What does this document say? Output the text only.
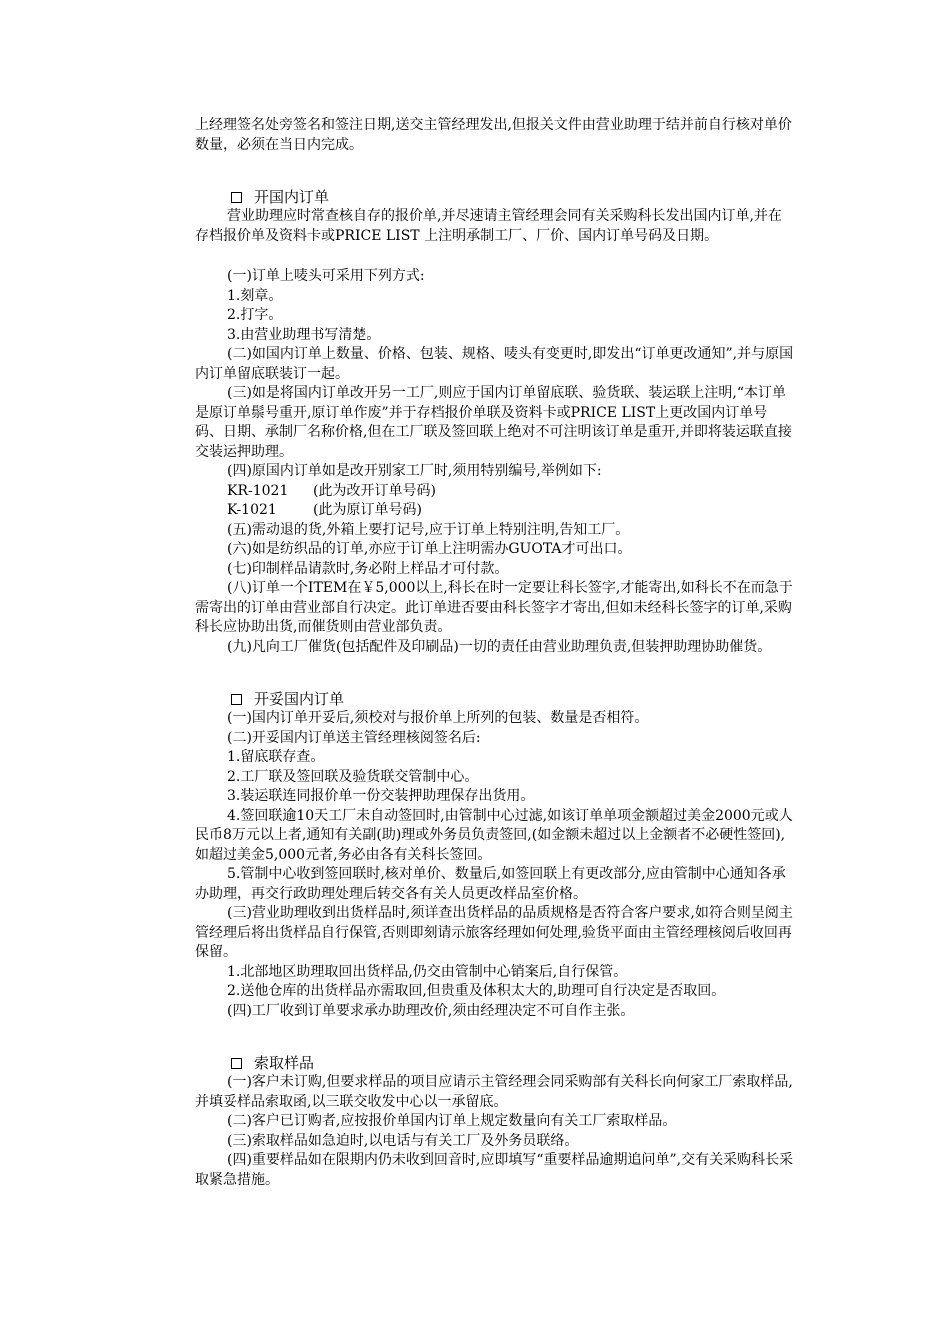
上经理签名处旁签名和签注日期,送交主管经理发出,但报关文件由营业助理于结并前自行核对单价数量，必须在当日内完成。

开国内订单

营业助理应时常查核自存的报价单,并尽速请主管经理会同有关采购科长发出国内订单,并在存档报价单及资料卡或PRICE LIST 上注明承制工厂、厂价、国内订单号码及日期。

(一)订单上唛头可采用下列方式:

1.刻章。

2.打字。

3.由营业助理书写清楚。

(二)如国内订单上数量、价格、包装、规格、唛头有变更时,即发出“订单更改通知”,并与原国内订单留底联装订一起。

(三)如是将国内订单改开另一工厂,则应于国内订单留底联、验货联、装运联上注明,“本订单是原订单鬃号重开,原订单作废”并于存档报价单联及资料卡或PRICE LIST上更改国内订单号码、日期、承制厂名称价格,但在工厂联及签回联上绝对不可注明该订单是重开,并即将装运联直接交装运押助理。

(四)原国内订单如是改开别家工厂时,须用特别编号,举例如下:

KR-1021	(此为改开订单号码)
K-1021	(此为原订单号码)

(五)需动退的货,外箱上要打记号,应于订单上特别注明,告知工厂。

(六)如是纺织品的订单,亦应于订单上注明需办GUOTA才可出口。

(七)印制样品请款时,务必附上样品才可付款。

(八)订单一个ITEM在￥5,000以上,科长在时一定要让科长签字,才能寄出,如科长不在而急于需寄出的订单由营业部自行决定。此订单进否要由科长签字才寄出,但如未经科长签字的订单,采购科长应协助出货,而催货则由营业部负责。

(九)凡向工厂催货(包括配件及印刷品)一切的责任由营业助理负责,但装押助理协助催货。

开妥国内订单

(一)国内订单开妥后,须校对与报价单上所列的包装、数量是否相符。

(二)开妥国内订单送主管经理核阅签名后:

1.留底联存查。

2.工厂联及签回联及验货联交管制中心。

3.装运联连同报价单一份交装押助理保存出货用。

4.签回联逾10天工厂未自动签回时,由管制中心过滤,如该订单单项金额超过美金2000元或人民币8万元以上者,通知有关副(助)理或外务员负责签回,(如金额未超过以上金额者不必硬性签回),如超过美金5,000元者,务必由各有关科长签回。

5.管制中心收到签回联时,核对单价、数量后,如签回联上有更改部分,应由管制中心通知各承办助理，再交行政助理处理后转交各有关人员更改样品室价格。

(三)营业助理收到出货样品时,须详查出货样品的品质规格是否符合客户要求,如符合则呈阅主管经理后将出货样品自行保管,否则即刻请示旅客经理如何处理,验货平面由主管经理核阅后收回再保留。

1.北部地区助理取回出货样品,仍交由管制中心销案后,自行保管。

2.送他仓库的出货样品亦需取回,但贵重及体积太大的,助理可自行决定是否取回。

(四)工厂收到订单要求承办助理改价,须由经理决定不可自作主张。

索取样品

(一)客户未订购,但要求样品的项目应请示主管经理会同采购部有关科长向何家工厂索取样品,并填妥样品索取函,以三联交收发中心以一承留底。

(二)客户已订购者,应按报价单国内订单上规定数量向有关工厂索取样品。

(三)索取样品如急迫时,以电话与有关工厂及外务员联络。

(四)重要样品如在限期内仍未收到回音时,应即填写“重要样品逾期追问单”,交有关采购科长采取紧急措施。
